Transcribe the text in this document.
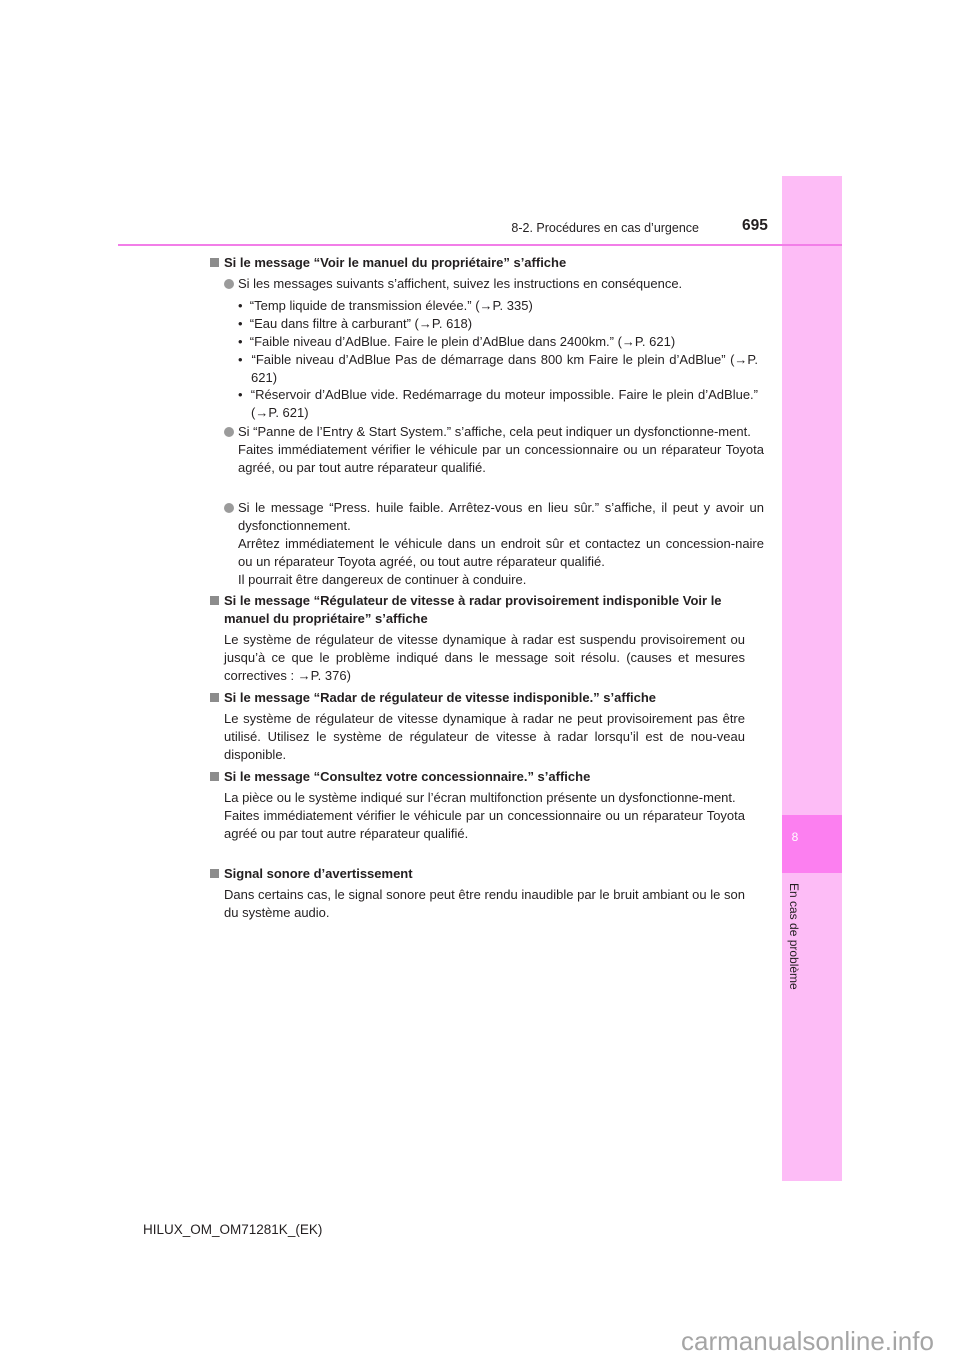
8
En cas de problème
8-2. Procédures en cas d’urgence	695
Si le message “Voir le manuel du propriétaire” s’affiche

Si les messages suivants s’affichent, suivez les instructions en conséquence.

•  “Temp liquide de transmission élevée.” (→P. 335)
•  “Eau dans filtre à carburant” (→P. 618)
•  “Faible niveau d’AdBlue. Faire le plein d’AdBlue dans 2400km.” (→P. 621)
•  “Faible niveau d’AdBlue Pas de démarrage dans 800 km Faire le plein d’AdBlue” (→P. 621)
•  “Réservoir d’AdBlue vide. Redémarrage du moteur impossible. Faire le plein d’AdBlue.” (→P. 621)

Si “Panne de l’Entry & Start System.” s’affiche, cela peut indiquer un dysfonctionne-ment.

Faites immédiatement vérifier le véhicule par un concessionnaire ou un réparateur Toyota agréé, ou par tout autre réparateur qualifié.

Si le message “Press. huile faible. Arrêtez-vous en lieu sûr.” s’affiche, il peut y avoir un dysfonctionnement.

Arrêtez immédiatement le véhicule dans un endroit sûr et contactez un concession-naire ou un réparateur Toyota agréé, ou tout autre réparateur qualifié.

Il pourrait être dangereux de continuer à conduire.

Si le message “Régulateur de vitesse à radar provisoirement indisponible Voir le manuel du propriétaire” s’affiche

Le système de régulateur de vitesse dynamique à radar est suspendu provisoirement ou jusqu’à ce que le problème indiqué dans le message soit résolu. (causes et mesures correctives : →P. 376)

Si le message “Radar de régulateur de vitesse indisponible.” s’affiche

Le système de régulateur de vitesse dynamique à radar ne peut provisoirement pas être utilisé. Utilisez le système de régulateur de vitesse à radar lorsqu’il est de nou-veau disponible.

Si le message “Consultez votre concessionnaire.” s’affiche

La pièce ou le système indiqué sur l’écran multifonction présente un dysfonctionne-ment.

Faites immédiatement vérifier le véhicule par un concessionnaire ou un réparateur Toyota agréé ou par tout autre réparateur qualifié.

Signal sonore d’avertissement

Dans certains cas, le signal sonore peut être rendu inaudible par le bruit ambiant ou le son du système audio.

HILUX_OM_OM71281K_(EK)
carmanualsonline.info
